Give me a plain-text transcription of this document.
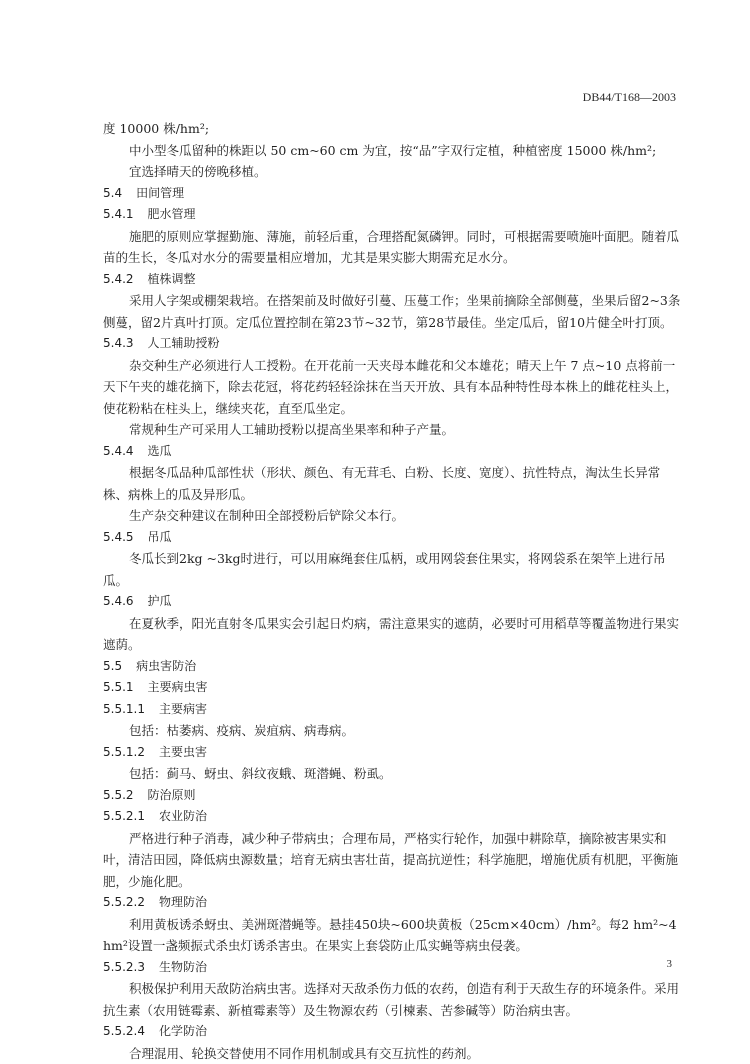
DB44/T168—2003

度 10000 株/hm²;

中小型冬瓜留种的株距以 50 cm~60 cm 为宜，按“品”字双行定植，种植密度 15000 株/hm²;

宜选择晴天的傍晚移植。

5.4 田间管理

5.4.1 肥水管理

施肥的原则应掌握勤施、薄施，前轻后重，合理搭配氮磷钾。同时，可根据需要喷施叶面肥。随着瓜苗的生长，冬瓜对水分的需要量相应增加，尤其是果实膨大期需充足水分。

5.4.2 植株调整

采用人字架或棚架栽培。在搭架前及时做好引蔓、压蔓工作；坐果前摘除全部侧蔓，坐果后留2~3条侧蔓，留2片真叶打顶。定瓜位置控制在第23节~32节，第28节最佳。坐定瓜后，留10片健全叶打顶。

5.4.3 人工辅助授粉

杂交种生产必须进行人工授粉。在开花前一天夹母本雌花和父本雄花；晴天上午 7 点~10 点将前一天下午夹的雄花摘下，除去花冠，将花药轻轻涂抹在当天开放、具有本品种特性母本株上的雌花柱头上，使花粉粘在柱头上，继续夹花，直至瓜坐定。

常规种生产可采用人工辅助授粉以提高坐果率和种子产量。

5.4.4 选瓜

根据冬瓜品种瓜部性状（形状、颜色、有无茸毛、白粉、长度、宽度）、抗性特点，淘汰生长异常株、病株上的瓜及异形瓜。

生产杂交种建议在制种田全部授粉后铲除父本行。

5.4.5 吊瓜

冬瓜长到2kg ~3kg时进行，可以用麻绳套住瓜柄，或用网袋套住果实，将网袋系在架竿上进行吊瓜。

5.4.6 护瓜

在夏秋季，阳光直射冬瓜果实会引起日灼病，需注意果实的遮荫，必要时可用稻草等覆盖物进行果实遮荫。

5.5 病虫害防治

5.5.1 主要病虫害

5.5.1.1 主要病害

包括：枯萎病、疫病、炭疽病、病毒病。

5.5.1.2 主要虫害

包括：蓟马、蚜虫、斜纹夜蛾、斑潜蝇、粉虱。

5.5.2 防治原则

5.5.2.1 农业防治

严格进行种子消毒，减少种子带病虫；合理布局，严格实行轮作，加强中耕除草，摘除被害果实和叶，清洁田园，降低病虫源数量；培育无病虫害壮苗，提高抗逆性；科学施肥，增施优质有机肥，平衡施肥，少施化肥。

5.5.2.2 物理防治

利用黄板诱杀蚜虫、美洲斑潜蝇等。悬挂450块~600块黄板（25cm×40cm）/hm²。每2 hm²~4 hm²设置一盏频振式杀虫灯诱杀害虫。在果实上套袋防止瓜实蝇等病虫侵袭。

5.5.2.3 生物防治

积极保护利用天敌防治病虫害。选择对天敌杀伤力低的农药，创造有利于天敌生存的环境条件。采用抗生素（农用链霉素、新植霉素等）及生物源农药（引楝素、苦参碱等）防治病虫害。

5.5.2.4 化学防治

合理混用、轮换交替使用不同作用机制或具有交互抗性的药剂。

3
